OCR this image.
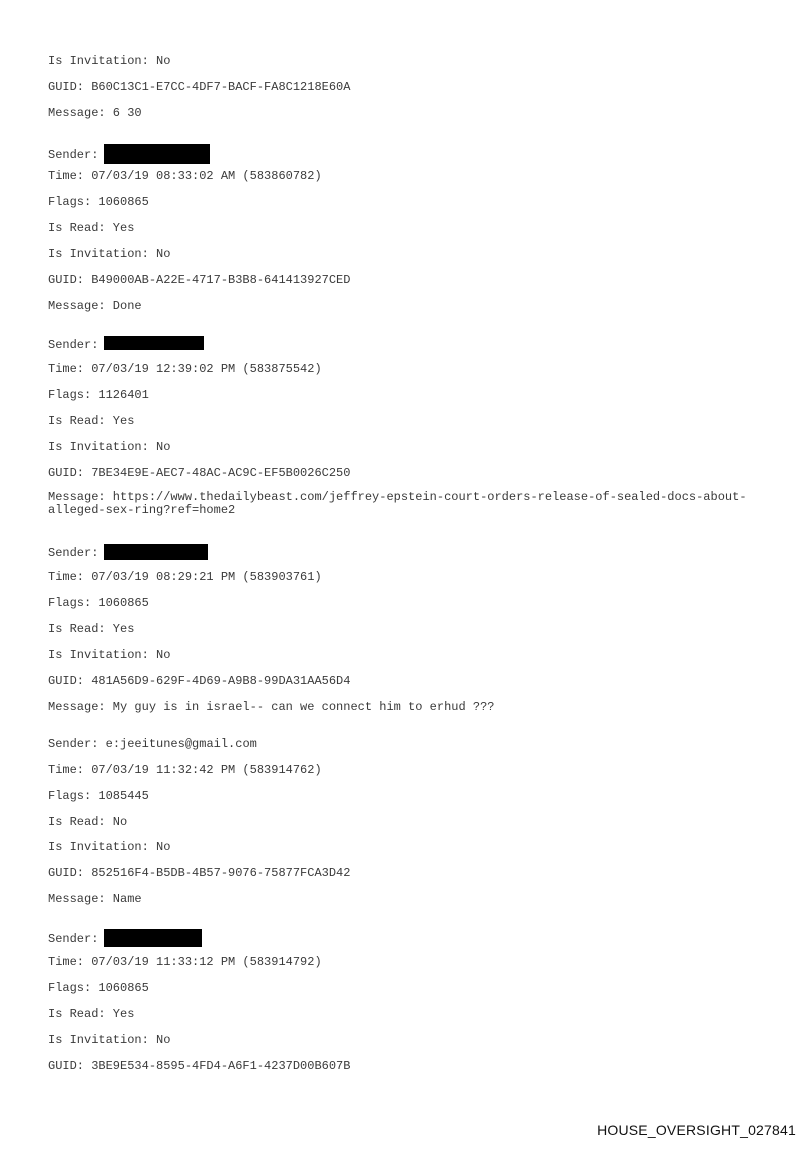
Is Invitation: No
GUID: B60C13C1-E7CC-4DF7-BACF-FA8C1218E60A
Message: 6 30
Sender:
Time: 07/03/19 08:33:02 AM (583860782)
Flags: 1060865
Is Read: Yes
Is Invitation: No
GUID: B49000AB-A22E-4717-B3B8-641413927CED
Message: Done
Sender:
Time: 07/03/19 12:39:02 PM (583875542)
Flags: 1126401
Is Read: Yes
Is Invitation: No
GUID: 7BE34E9E-AEC7-48AC-AC9C-EF5B0026C250
Message: https://www.thedailybeast.com/jeffrey-epstein-court-orders-release-of-sealed-docs-about-alleged-sex-ring?ref=home2
Sender:
Time: 07/03/19 08:29:21 PM (583903761)
Flags: 1060865
Is Read: Yes
Is Invitation: No
GUID: 481A56D9-629F-4D69-A9B8-99DA31AA56D4
Message: My guy is in israel-- can we connect him to erhud ???
Sender: e:jeeitunes@gmail.com
Time: 07/03/19 11:32:42 PM (583914762)
Flags: 1085445
Is Read: No
Is Invitation: No
GUID: 852516F4-B5DB-4B57-9076-75877FCA3D42
Message: Name
Sender:
Time: 07/03/19 11:33:12 PM (583914792)
Flags: 1060865
Is Read: Yes
Is Invitation: No
GUID: 3BE9E534-8595-4FD4-A6F1-4237D00B607B
HOUSE_OVERSIGHT_027841
